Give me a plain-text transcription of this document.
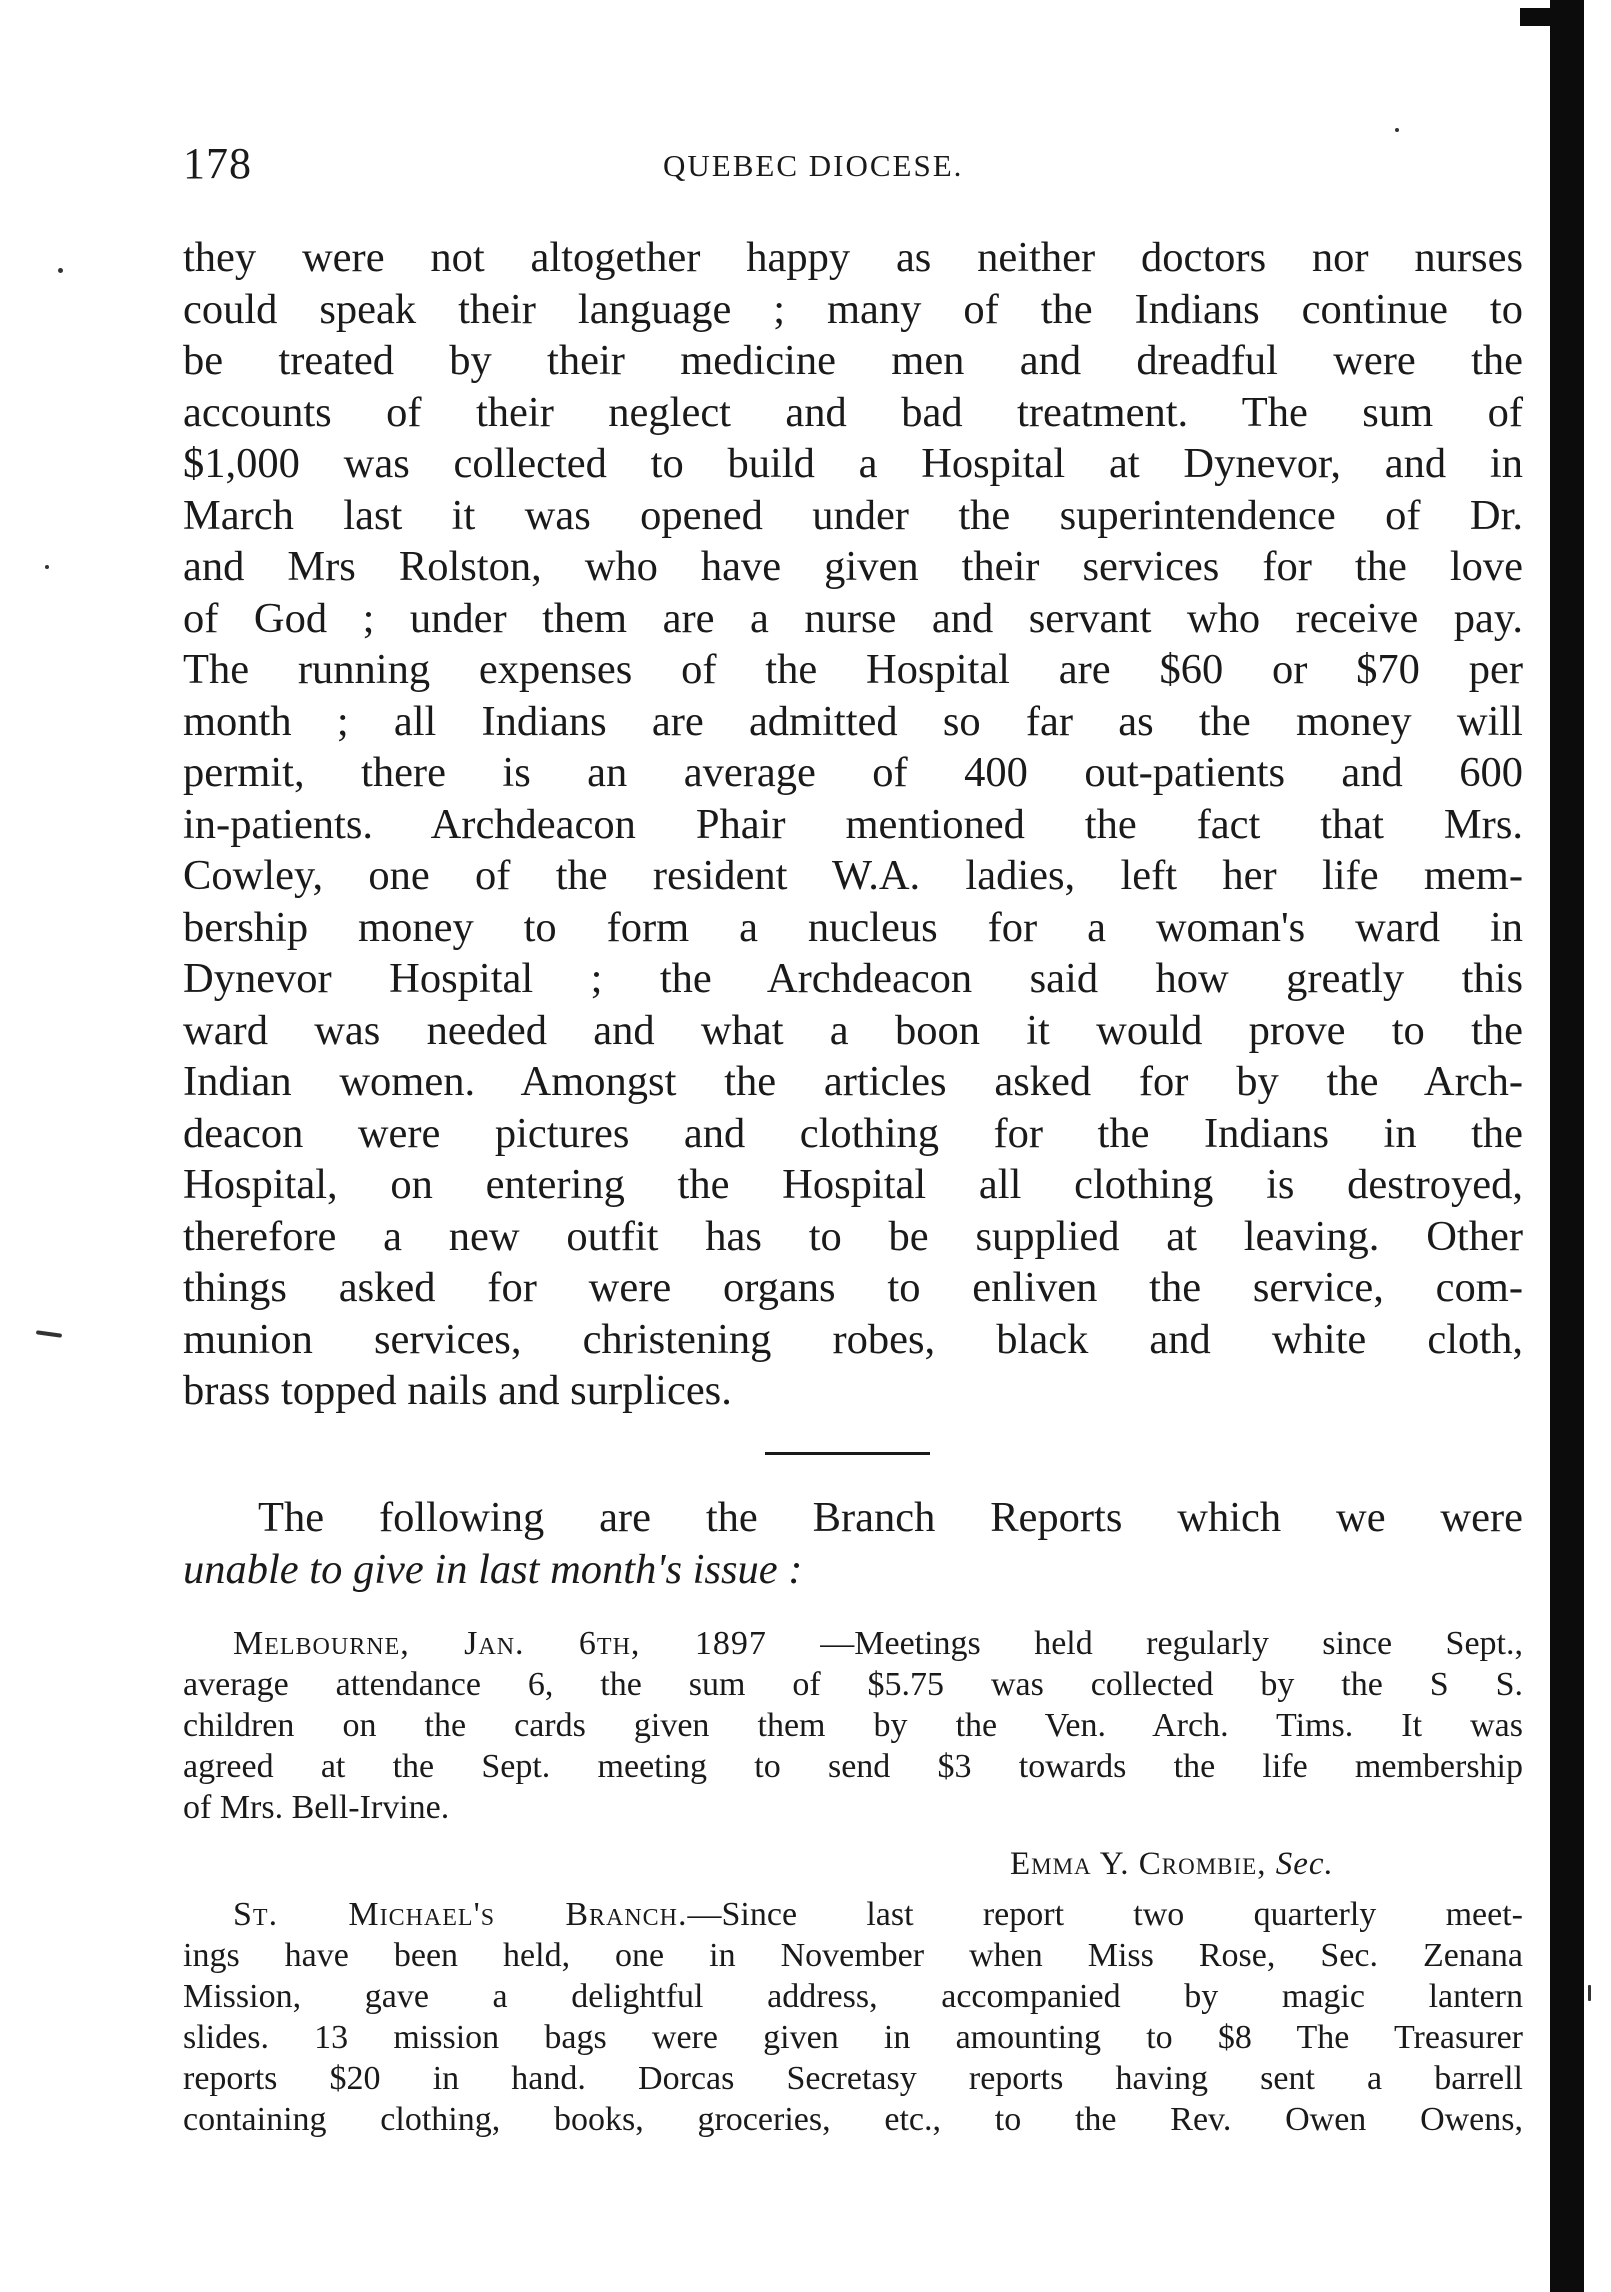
178	QUEBEC DIOCESE.
they were not altogether happy as neither doctors nor nurses
could speak their language ; many of the Indians continue to
be treated by their medicine men and dreadful were the
accounts of their neglect and bad treatment. The sum of
$1,000 was collected to build a Hospital at Dynevor, and in
March last it was opened under the superintendence of Dr.
and Mrs Rolston, who have given their services for the love
of God ; under them are a nurse and servant who receive pay.
The running expenses of the Hospital are $60 or $70 per
month ; all Indians are admitted so far as the money will
permit, there is an average of 400 out-patients and 600
in-patients. Archdeacon Phair mentioned the fact that Mrs.
Cowley, one of the resident W.A. ladies, left her life mem-
bership money to form a nucleus for a woman's ward in
Dynevor Hospital ; the Archdeacon said how greatly this
ward was needed and what a boon it would prove to the
Indian women. Amongst the articles asked for by the Arch-
deacon were pictures and clothing for the Indians in the
Hospital, on entering the Hospital all clothing is destroyed,
therefore a new outfit has to be supplied at leaving. Other
things asked for were organs to enliven the service, com-
munion services, christening robes, black and white cloth,
brass topped nails and surplices.
The following are the Branch Reports which we were
unable to give in last month's issue :
Melbourne, Jan. 6th, 1897 —Meetings held regularly since Sept.,
average attendance 6, the sum of $5.75 was collected by the S S.
children on the cards given them by the Ven. Arch. Tims. It was
agreed at the Sept. meeting to send $3 towards the life membership
of Mrs. Bell-Irvine.
Emma Y. Crombie, Sec.
St. Michael's Branch.—Since last report two quarterly meet-
ings have been held, one in November when Miss Rose, Sec. Zenana
Mission, gave a delightful address, accompanied by magic lantern
slides. 13 mission bags were given in amounting to $8 The Treasurer
reports $20 in hand. Dorcas Secretasy reports having sent a barrell
containing clothing, books, groceries, etc., to the Rev. Owen Owens,
